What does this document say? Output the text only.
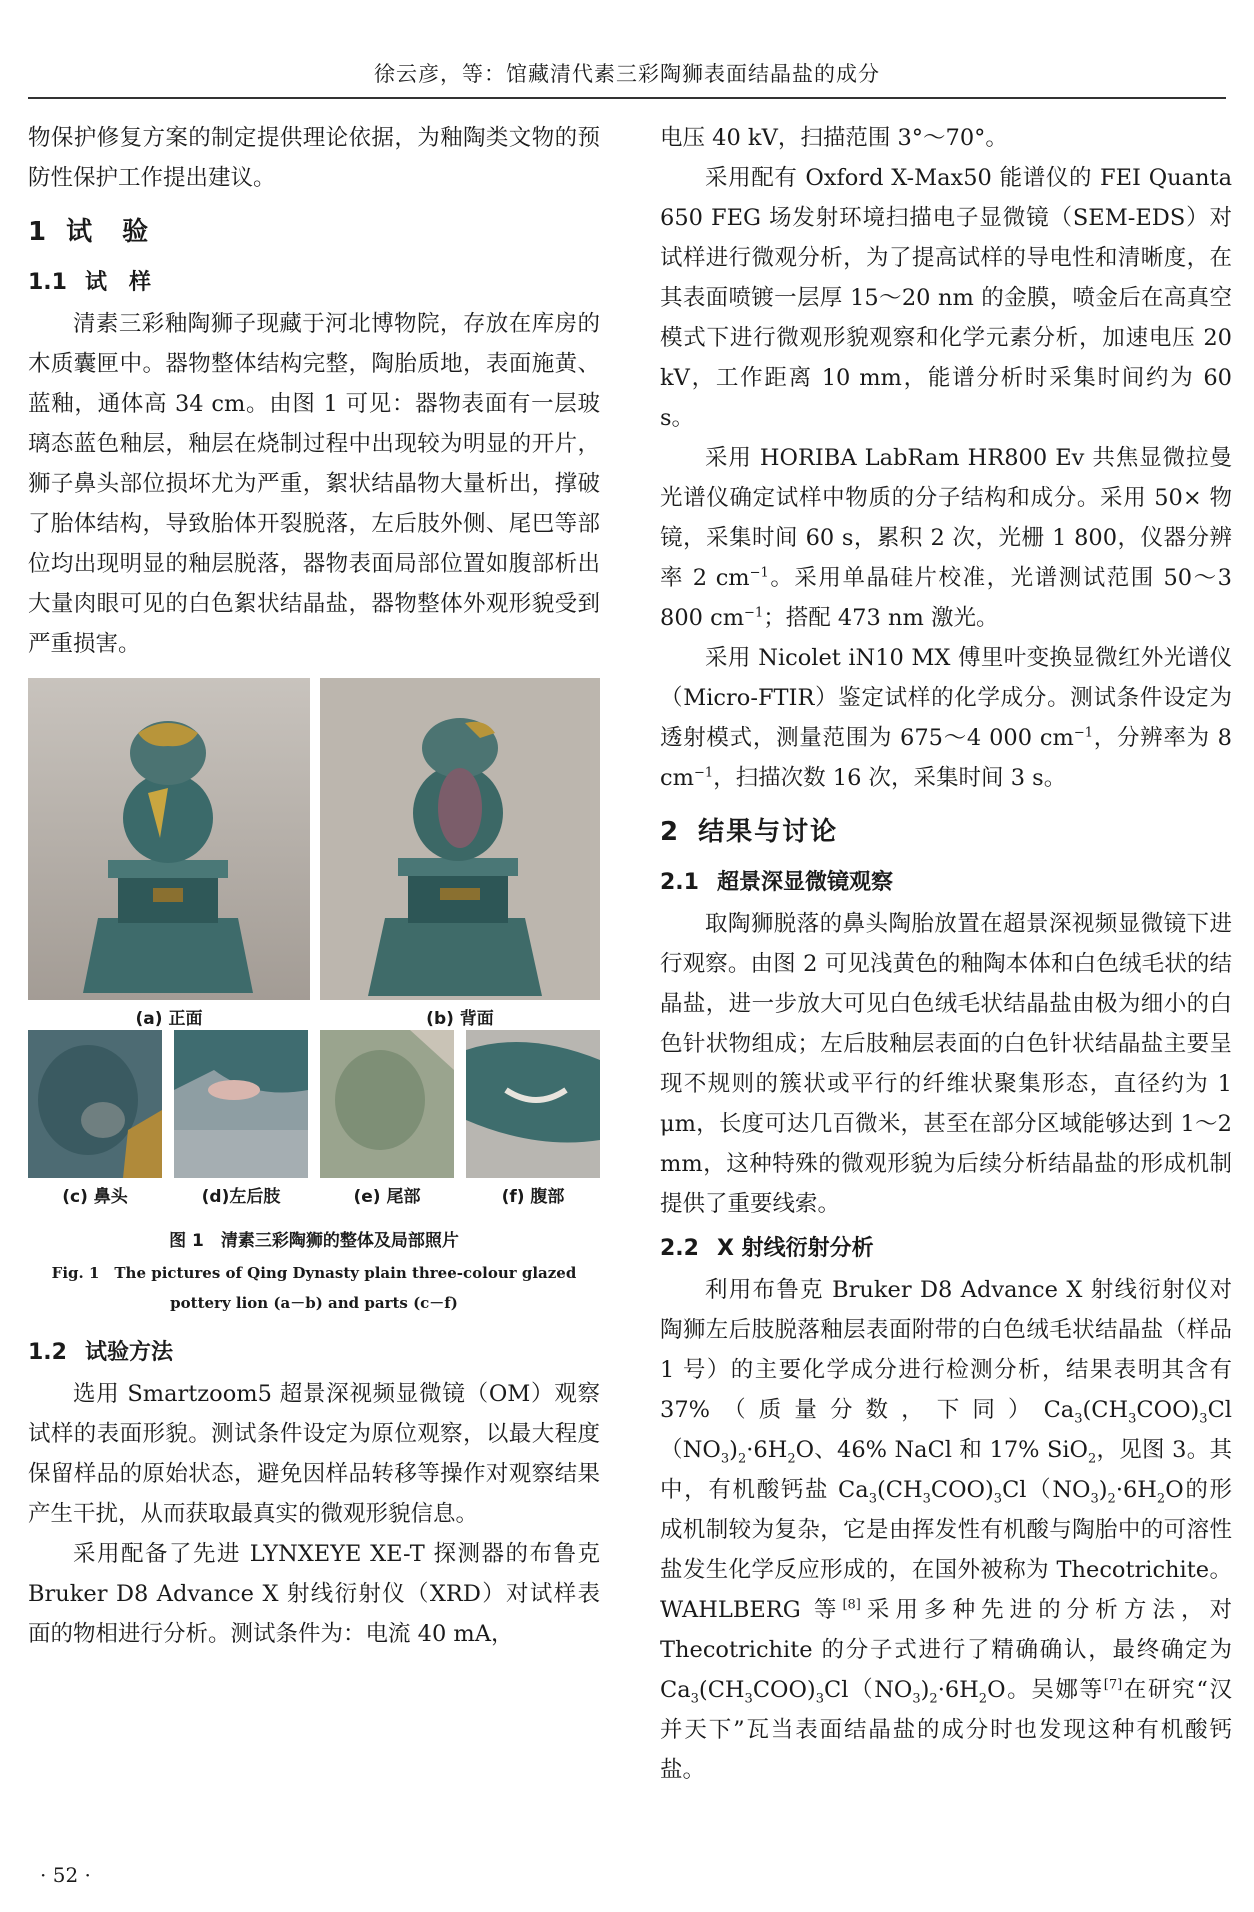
徐云彦，等：馆藏清代素三彩陶狮表面结晶盐的成分

物保护修复方案的制定提供理论依据，为釉陶类文物的预防性保护工作提出建议。

1 试　验
1.1 试　样

清素三彩釉陶狮子现藏于河北博物院，存放在库房的木质囊匣中。器物整体结构完整，陶胎质地，表面施黄、蓝釉，通体高 34 cm。由图 1 可见：器物表面有一层玻璃态蓝色釉层，釉层在烧制过程中出现较为明显的开片，狮子鼻头部位损坏尤为严重，絮状结晶物大量析出，撑破了胎体结构，导致胎体开裂脱落，左后肢外侧、尾巴等部位均出现明显的釉层脱落，器物表面局部位置如腹部析出大量肉眼可见的白色絮状结晶盐，器物整体外观形貌受到严重损害。

(a) 正面	(b) 背面
(c) 鼻头	(d)左后肢	(e) 尾部	(f) 腹部
图 1　清素三彩陶狮的整体及局部照片
Fig. 1　The pictures of Qing Dynasty plain three-colour glazed
pottery lion (a－b) and parts (c－f)
1.2 试验方法

选用 Smartzoom5 超景深视频显微镜（OM）观察试样的表面形貌。测试条件设定为原位观察，以最大程度保留样品的原始状态，避免因样品转移等操作对观察结果产生干扰，从而获取最真实的微观形貌信息。

采用配备了先进 LYNXEYE XE-T 探测器的布鲁克 Bruker D8 Advance X 射线衍射仪（XRD）对试样表面的物相进行分析。测试条件为：电流 40 mA，

电压 40 kV，扫描范围 3°～70°。

采用配有 Oxford X-Max50 能谱仪的 FEI Quanta 650 FEG 场发射环境扫描电子显微镜（SEM-EDS）对试样进行微观分析，为了提高试样的导电性和清晰度，在其表面喷镀一层厚 15～20 nm 的金膜，喷金后在高真空模式下进行微观形貌观察和化学元素分析，加速电压 20 kV，工作距离 10 mm，能谱分析时采集时间约为 60 s。

采用 HORIBA LabRam HR800 Ev 共焦显微拉曼光谱仪确定试样中物质的分子结构和成分。采用 50× 物镜，采集时间 60 s，累积 2 次，光栅 1 800，仪器分辨率 2 $cm^{-1}$。采用单晶硅片校准，光谱测试范围 50～3 800 $cm^{-1}$；搭配 473 nm 激光。

采用 Nicolet iN10 MX 傅里叶变换显微红外光谱仪（Micro-FTIR）鉴定试样的化学成分。测试条件设定为透射模式，测量范围为 675～4 000 $cm^{-1}$，分辨率为 8 $cm^{-1}$，扫描次数 16 次，采集时间 3 s。

2 结果与讨论
2.1 超景深显微镜观察

取陶狮脱落的鼻头陶胎放置在超景深视频显微镜下进行观察。由图 2 可见浅黄色的釉陶本体和白色绒毛状的结晶盐，进一步放大可见白色绒毛状结晶盐由极为细小的白色针状物组成；左后肢釉层表面的白色针状结晶盐主要呈现不规则的簇状或平行的纤维状聚集形态，直径约为 1 μm，长度可达几百微米，甚至在部分区域能够达到 1～2 mm，这种特殊的微观形貌为后续分析结晶盐的形成机制提供了重要线索。

2.2 X 射线衍射分析

利用布鲁克 Bruker D8 Advance X 射线衍射仪对陶狮左后肢脱落釉层表面附带的白色绒毛状结晶盐（样品 1 号）的主要化学成分进行检测分析，结果表明其含有 37%（质量分数，下同）$Ca_3(CH_3COO)_3Cl(NO_3)_2\cdot 6H_2O$、46% NaCl 和 17% SiO$_2$，见图 3。其中，有机酸钙盐 $Ca_3(CH_3COO)_3Cl(NO_3)_2\cdot 6H_2O$的形成机制较为复杂，它是由挥发性有机酸与陶胎中的可溶性盐发生化学反应形成的，在国外被称为 Thecotrichite。WAHLBERG 等[8]采用多种先进的分析方法，对 Thecotrichite 的分子式进行了精确确认，最终确定为 $Ca_3(CH_3COO)_3Cl(NO_3)_2\cdot 6H_2O$。吴娜等[7]在研究“汉并天下”瓦当表面结晶盐的成分时也发现这种有机酸钙盐。

· 52 ·
